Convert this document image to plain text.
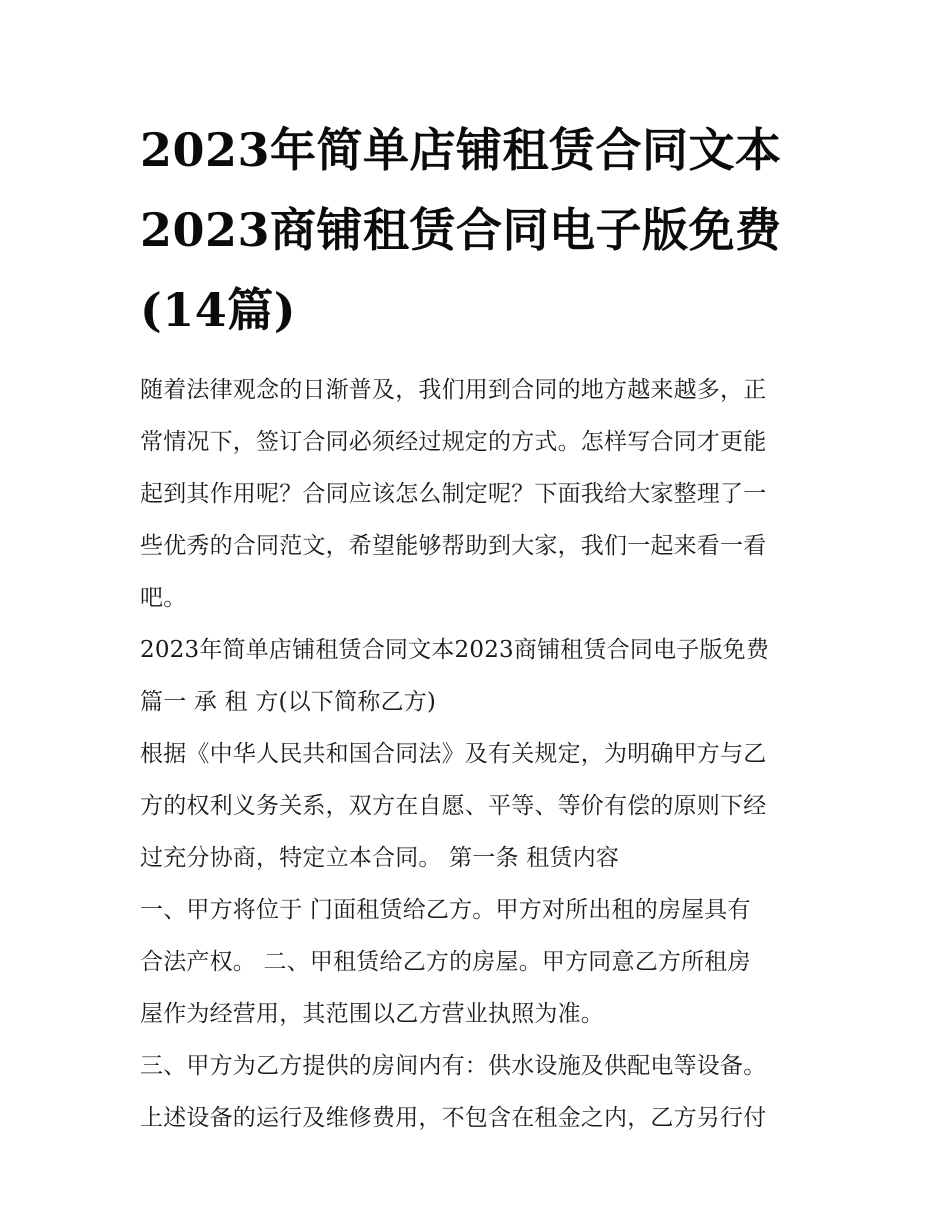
2023年简单店铺租赁合同文本
2023商铺租赁合同电子版免费
(14篇)

随着法律观念的日渐普及，我们用到合同的地方越来越多，正
常情况下，签订合同必须经过规定的方式。怎样写合同才更能
起到其作用呢？合同应该怎么制定呢？下面我给大家整理了一
些优秀的合同范文，希望能够帮助到大家，我们一起来看一看
吧。

2023年简单店铺租赁合同文本2023商铺租赁合同电子版免费
篇一 承 租 方(以下简称乙方)

根据《中华人民共和国合同法》及有关规定，为明确甲方与乙
方的权利义务关系，双方在自愿、平等、等价有偿的原则下经
过充分协商，特定立本合同。 第一条 租赁内容

一、甲方将位于 门面租赁给乙方。甲方对所出租的房屋具有
合法产权。 二、甲租赁给乙方的房屋。甲方同意乙方所租房
屋作为经营用，其范围以乙方营业执照为准。

三、甲方为乙方提供的房间内有：供水设施及供配电等设备。
上述设备的运行及维修费用，不包含在租金之内，乙方另行付
